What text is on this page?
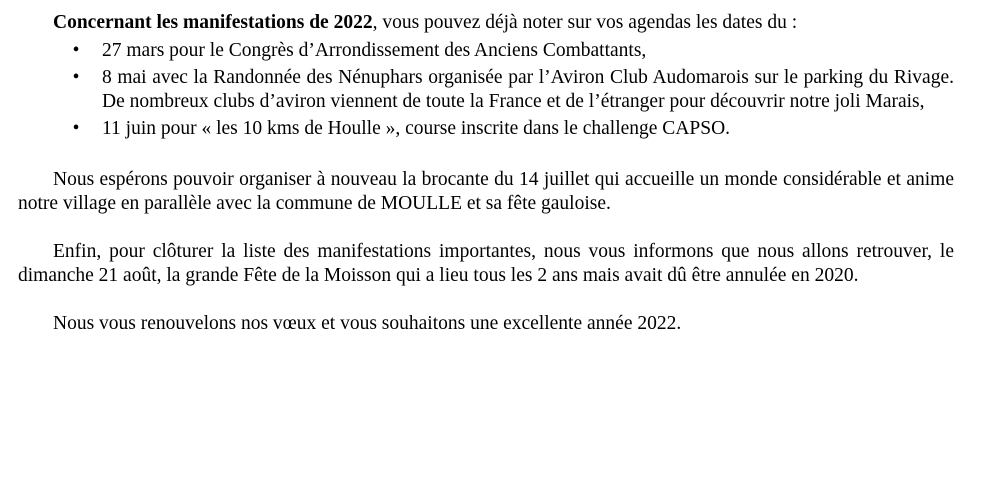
Concernant les manifestations de 2022, vous pouvez déjà noter sur vos agendas les dates du :

• 27 mars pour le Congrès d’Arrondissement des Anciens Combattants,
• 8 mai avec la Randonnée des Nénuphars organisée par l’Aviron Club Audomarois sur le parking du Rivage. De nombreux clubs d’aviron viennent de toute la France et de l’étranger pour découvrir notre joli Marais,
• 11 juin pour « les 10 kms de Houlle », course inscrite dans le challenge CAPSO.

Nous espérons pouvoir organiser à nouveau la brocante du 14 juillet qui accueille un monde considérable et anime notre village en parallèle avec la commune de MOULLE et sa fête gauloise.

Enfin, pour clôturer la liste des manifestations importantes, nous vous informons que nous allons retrouver, le dimanche 21 août, la grande Fête de la Moisson qui a lieu tous les 2 ans mais avait dû être annulée en 2020.

Nous vous renouvelons nos vœux et vous souhaitons une excellente année 2022.
